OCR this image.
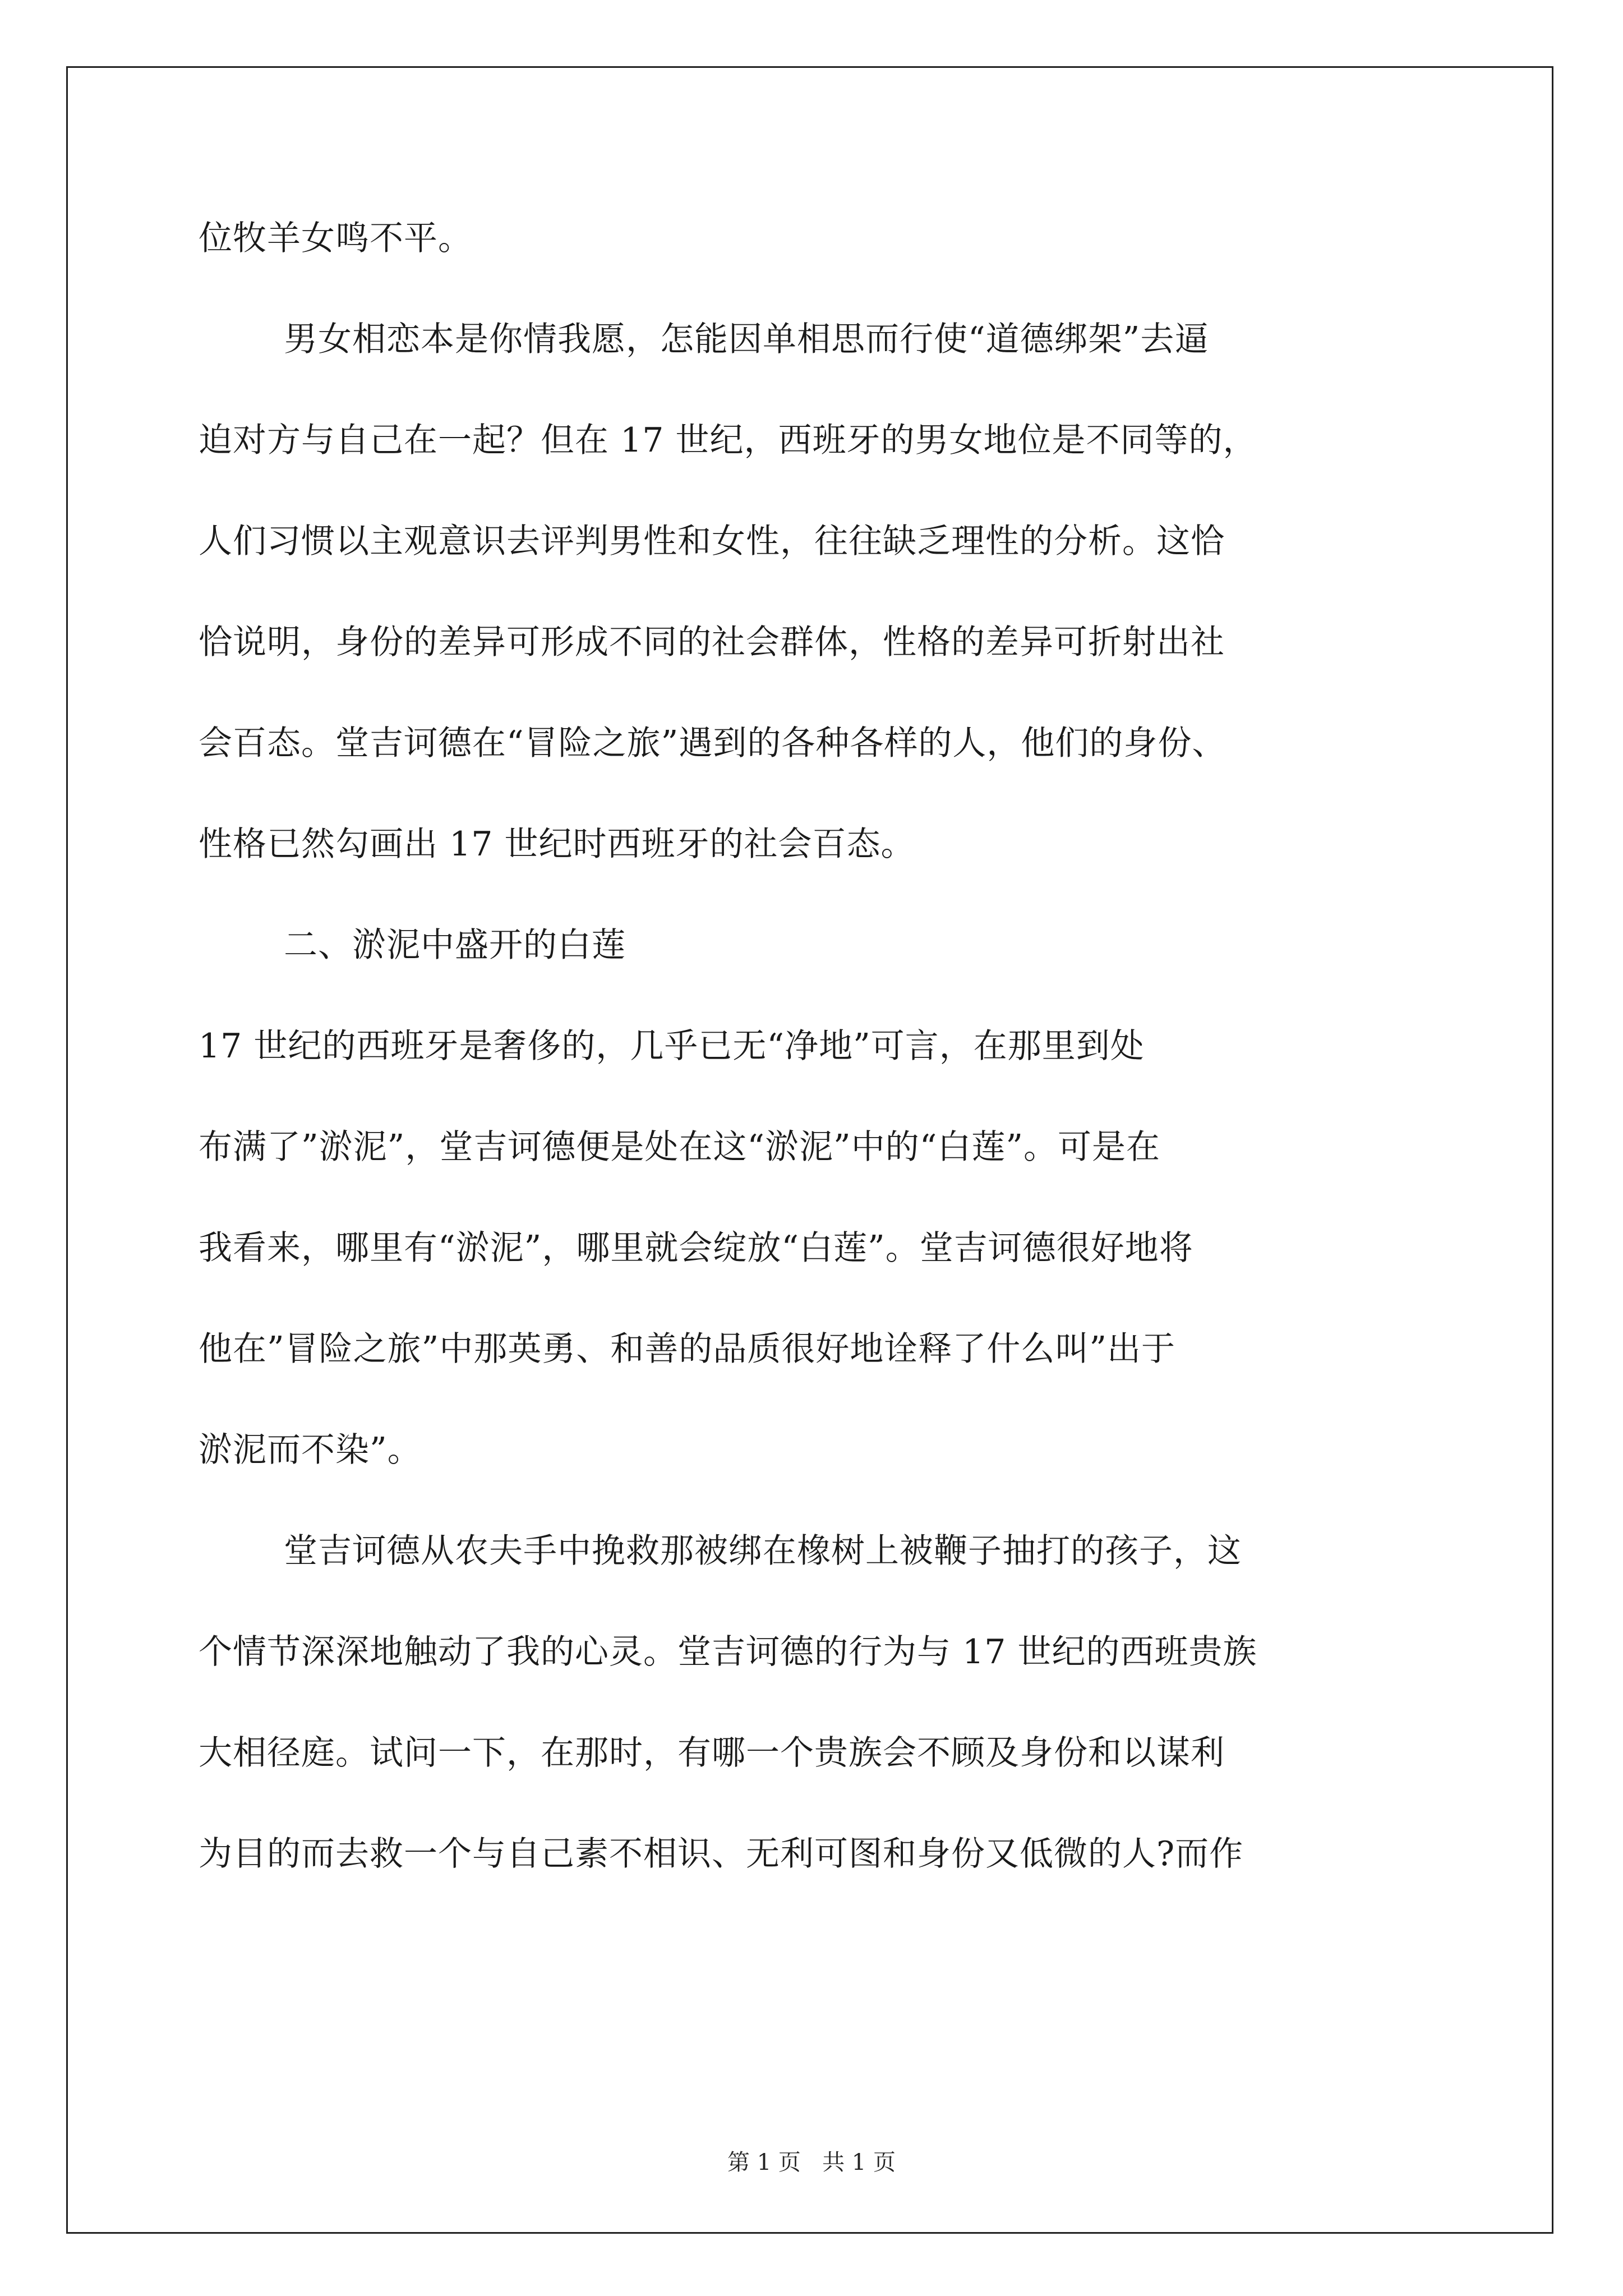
位牧羊女鸣不平。
男女相恋本是你情我愿，怎能因单相思而行使“道德绑架”去逼
迫对方与自己在一起？但在 17 世纪，西班牙的男女地位是不同等的，
人们习惯以主观意识去评判男性和女性，往往缺乏理性的分析。这恰
恰说明，身份的差异可形成不同的社会群体，性格的差异可折射出社
会百态。堂吉诃德在“冒险之旅”遇到的各种各样的人，他们的身份、
性格已然勾画出 17 世纪时西班牙的社会百态。
二、淤泥中盛开的白莲
17 世纪的西班牙是奢侈的，几乎已无“净地”可言，在那里到处
布满了”淤泥”，堂吉诃德便是处在这“淤泥”中的“白莲”。可是在
我看来，哪里有“淤泥”，哪里就会绽放“白莲”。堂吉诃德很好地将
他在”冒险之旅”中那英勇、和善的品质很好地诠释了什么叫”出于
淤泥而不染”。
堂吉诃德从农夫手中挽救那被绑在橡树上被鞭子抽打的孩子，这
个情节深深地触动了我的心灵。堂吉诃德的行为与 17 世纪的西班贵族
大相径庭。试问一下，在那时，有哪一个贵族会不顾及身份和以谋利
为目的而去救一个与自己素不相识、无利可图和身份又低微的人?而作
第 1 页   共 1 页
